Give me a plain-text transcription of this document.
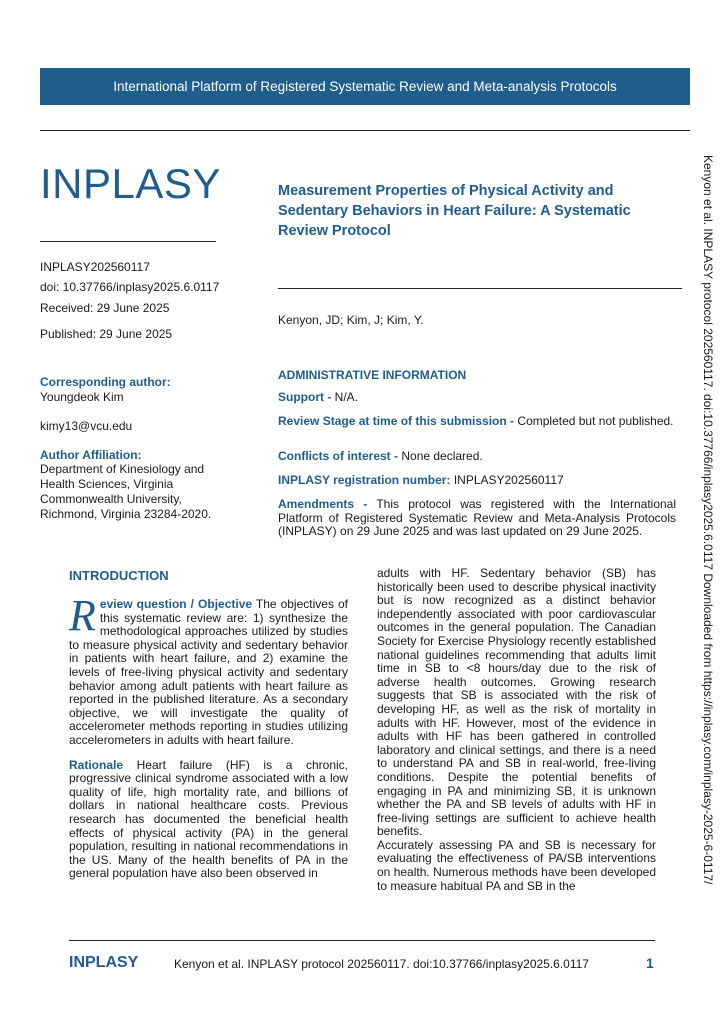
International Platform of Registered Systematic Review and Meta-analysis Protocols
INPLASY
INPLASY202560117
doi: 10.37766/inplasy2025.6.0117
Received: 29 June 2025
Published: 29 June 2025
Corresponding author:
Youngdeok Kim
kimy13@vcu.edu
Author Affiliation:
Department of Kinesiology and Health Sciences, Virginia Commonwealth University, Richmond, Virginia 23284-2020.
Measurement Properties of Physical Activity and Sedentary Behaviors in Heart Failure: A Systematic Review Protocol
Kenyon, JD; Kim, J; Kim, Y.
ADMINISTRATIVE INFORMATION
Support - N/A.
Review Stage at time of this submission - Completed but not published.
Conflicts of interest - None declared.
INPLASY registration number: INPLASY202560117
Amendments - This protocol was registered with the International Platform of Registered Systematic Review and Meta-Analysis Protocols (INPLASY) on 29 June 2025 and was last updated on 29 June 2025.
INTRODUCTION

Review question / Objective The objectives of this systematic review are: 1) synthesize the methodological approaches utilized by studies to measure physical activity and sedentary behavior in patients with heart failure, and 2) examine the levels of free-living physical activity and sedentary behavior among adult patients with heart failure as reported in the published literature. As a secondary objective, we will investigate the quality of accelerometer methods reporting in studies utilizing accelerometers in adults with heart failure.

Rationale Heart failure (HF) is a chronic, progressive clinical syndrome associated with a low quality of life, high mortality rate, and billions of dollars in national healthcare costs. Previous research has documented the beneficial health effects of physical activity (PA) in the general population, resulting in national recommendations in the US. Many of the health benefits of PA in the general population have also been observed in

adults with HF. Sedentary behavior (SB) has historically been used to describe physical inactivity but is now recognized as a distinct behavior independently associated with poor cardiovascular outcomes in the general population. The Canadian Society for Exercise Physiology recently established national guidelines recommending that adults limit time in SB to <8 hours/day due to the risk of adverse health outcomes. Growing research suggests that SB is associated with the risk of developing HF, as well as the risk of mortality in adults with HF. However, most of the evidence in adults with HF has been gathered in controlled laboratory and clinical settings, and there is a need to understand PA and SB in real-world, free-living conditions. Despite the potential benefits of engaging in PA and minimizing SB, it is unknown whether the PA and SB levels of adults with HF in free-living settings are sufficient to achieve health benefits.

Accurately assessing PA and SB is necessary for evaluating the effectiveness of PA/SB interventions on health. Numerous methods have been developed to measure habitual PA and SB in the

Kenyon et al. INPLASY protocol 202560117. doi:10.37766/inplasy2025.6.0117 Downloaded from https://inplasy.com/inplasy-2025-6-0117/
INPLASY	Kenyon et al. INPLASY protocol 202560117. doi:10.37766/inplasy2025.6.0117	1
